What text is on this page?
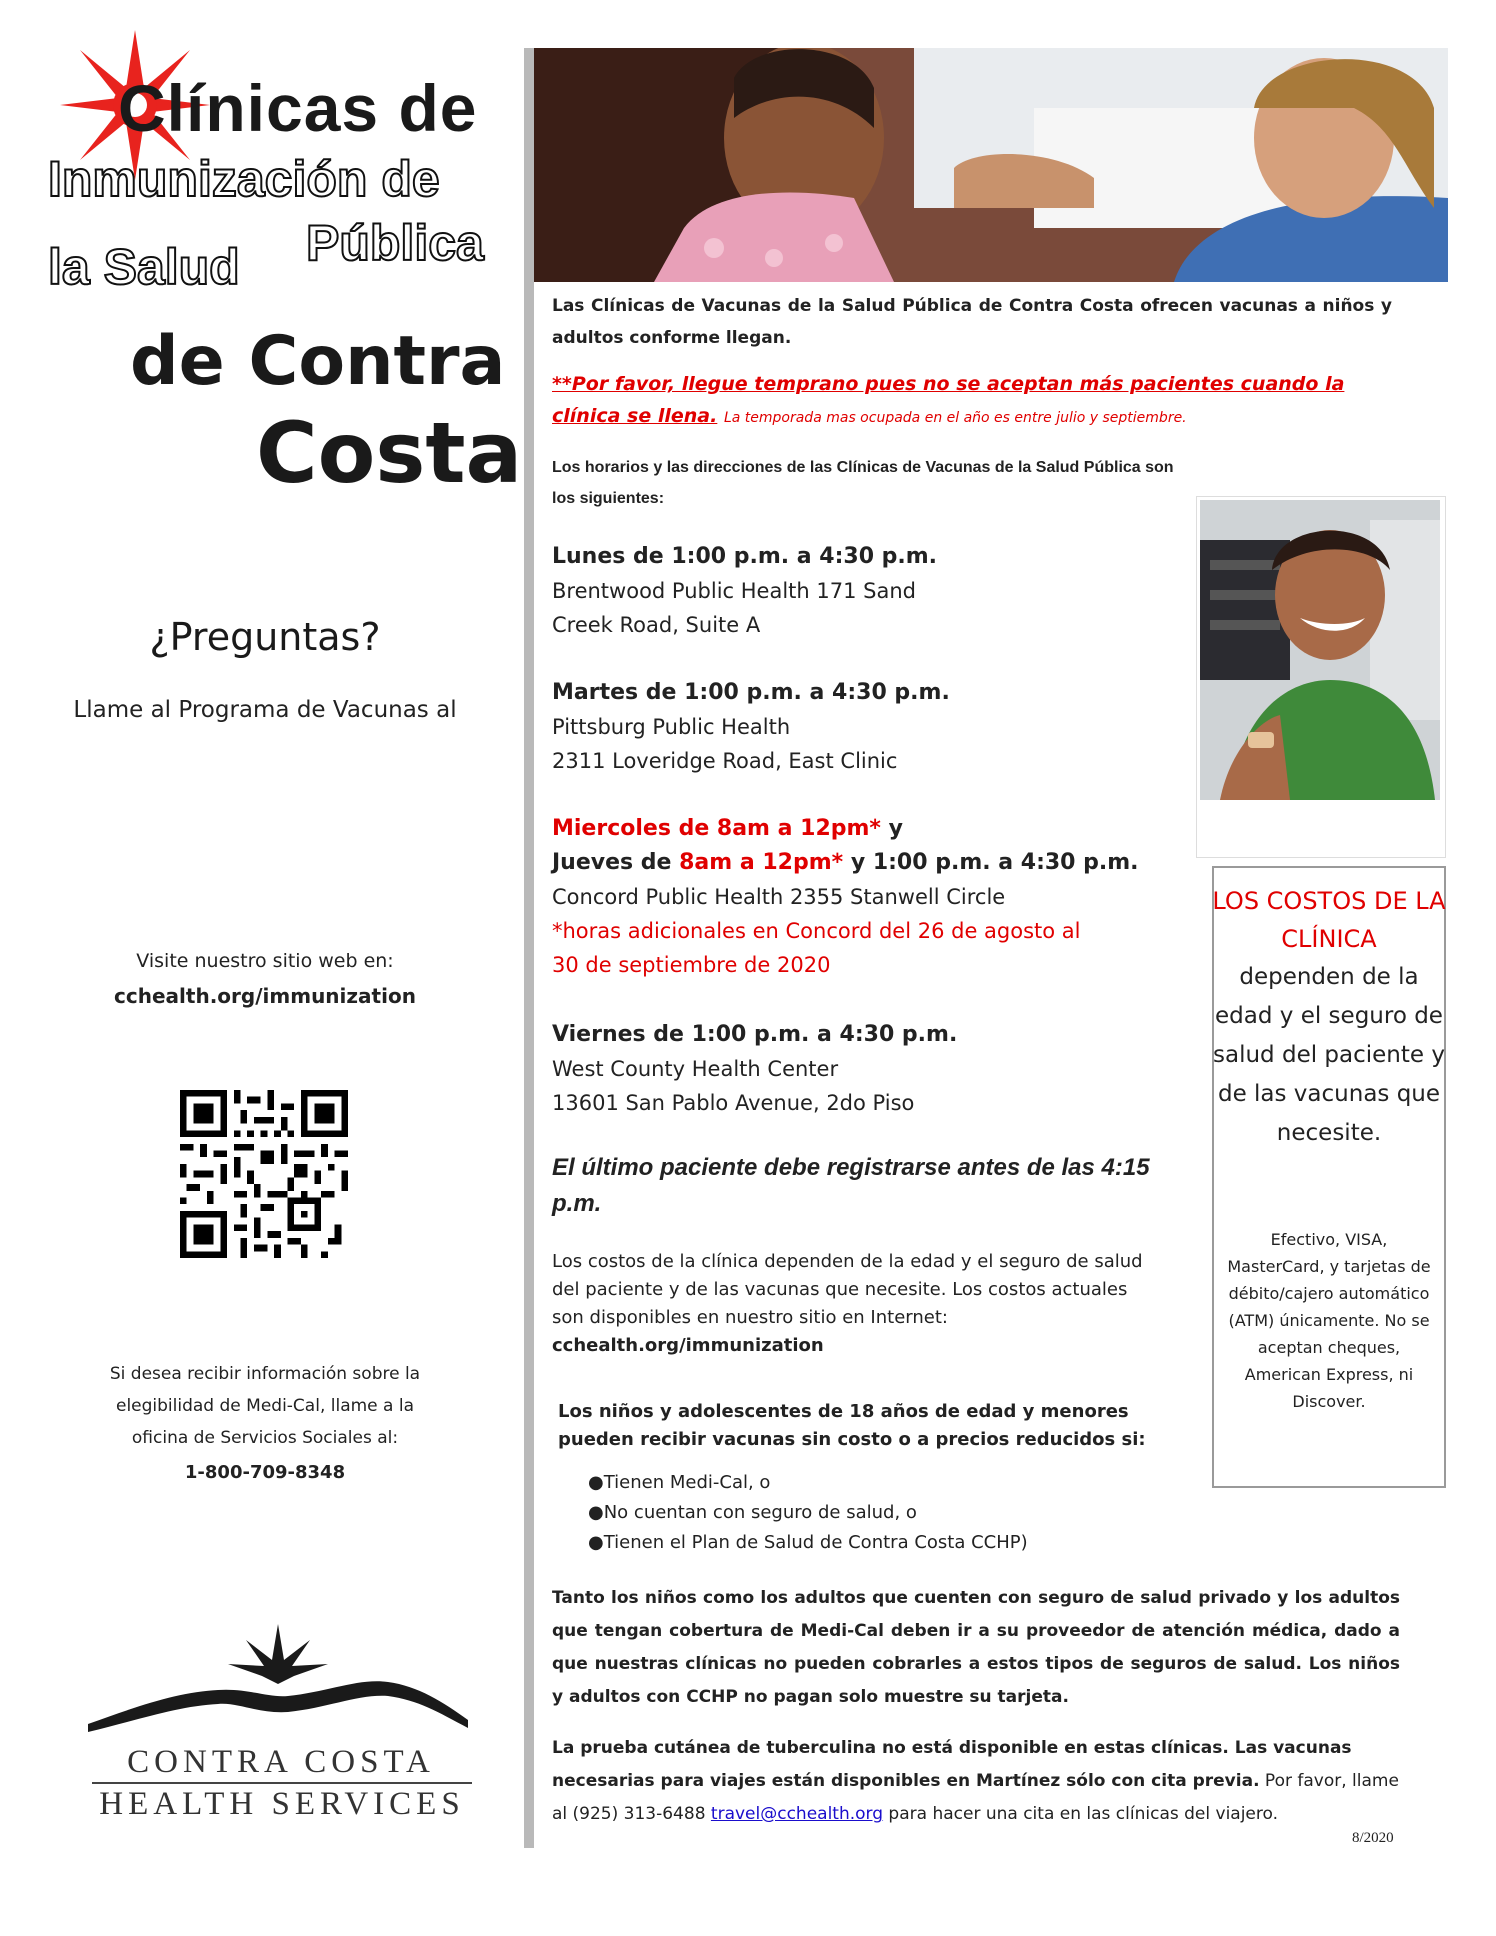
Clínicas de
Inmunización de
la Salud Pública
de Contra
Costa
¿Preguntas?
Llame al Programa de Vacunas al
Visite nuestro sitio web en:
cchealth.org/immunization
Si desea recibir información sobre la
elegibilidad de Medi-Cal, llame a la
oficina de Servicios Sociales al:
1-800-709-8348
CONTRA COSTA
HEALTH SERVICES
Las Clínicas de Vacunas de la Salud Pública de Contra Costa ofrecen vacunas a niños y adultos conforme llegan.
**Por favor, llegue temprano pues no se aceptan más pacientes cuando la
clínica se llena. La temporada mas ocupada en el año es entre julio y septiembre.
Los horarios y las direcciones de las Clínicas de Vacunas de la Salud Pública son los siguientes:
Lunes de 1:00 p.m. a 4:30 p.m.
Brentwood Public Health 171 Sand
Creek Road, Suite A
Martes de 1:00 p.m. a 4:30 p.m.
Pittsburg Public Health
2311 Loveridge Road, East Clinic
Miercoles de 8am a 12pm* y
Jueves de 8am a 12pm* y 1:00 p.m. a 4:30 p.m.
Concord Public Health 2355 Stanwell Circle
*horas adicionales en Concord del 26 de agosto al
30 de septiembre de 2020
Viernes de 1:00 p.m. a 4:30 p.m.
West County Health Center
13601 San Pablo Avenue, 2do Piso
El último paciente debe registrarse antes de las 4:15 p.m.
Los costos de la clínica dependen de la edad y el seguro de salud del paciente y de las vacunas que necesite. Los costos actuales son disponibles en nuestro sitio en Internet:
cchealth.org/immunization
Los niños y adolescentes de 18 años de edad y menores
pueden recibir vacunas sin costo o a precios reducidos si:
●Tienen Medi-Cal, o
●No cuentan con seguro de salud, o
●Tienen el Plan de Salud de Contra Costa CCHP)
Tanto los niños como los adultos que cuenten con seguro de salud privado y los adultos que tengan cobertura de Medi-Cal deben ir a su proveedor de atención médica, dado a que nuestras clínicas no pueden cobrarles a estos tipos de seguros de salud. Los niños y adultos con CCHP no pagan solo muestre su tarjeta.
La prueba cutánea de tuberculina no está disponible en estas clínicas. Las vacunas necesarias para viajes están disponibles en Martínez sólo con cita previa. Por favor, llame al (925) 313-6488 travel@cchealth.org para hacer una cita en las clínicas del viajero.
8/2020
LOS COSTOS DE LA CLÍNICA
dependen de la edad y el seguro de salud del paciente y de las vacunas que necesite.
Efectivo, VISA, MasterCard, y tarjetas de débito/cajero automático (ATM) únicamente. No se aceptan cheques, American Express, ni Discover.
